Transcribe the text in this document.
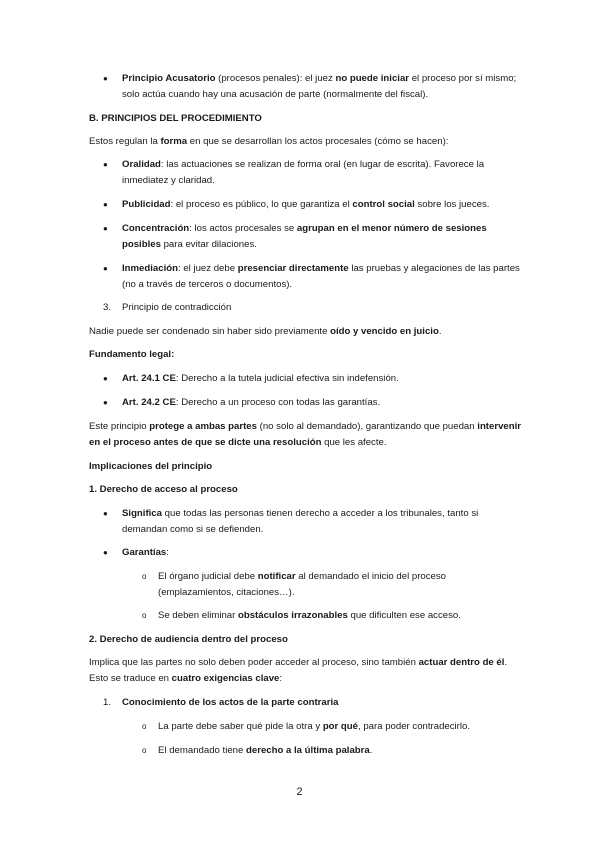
● Principio Acusatorio (procesos penales): el juez no puede iniciar el proceso por sí mismo; solo actúa cuando hay una acusación de parte (normalmente del fiscal).

B. PRINCIPIOS DEL PROCEDIMIENTO

Estos regulan la forma en que se desarrollan los actos procesales (cómo se hacen):

● Oralidad: las actuaciones se realizan de forma oral (en lugar de escrita). Favorece la inmediatez y claridad.

● Publicidad: el proceso es público, lo que garantiza el control social sobre los jueces.

● Concentración: los actos procesales se agrupan en el menor número de sesiones posibles para evitar dilaciones.

● Inmediación: el juez debe presenciar directamente las pruebas y alegaciones de las partes (no a través de terceros o documentos).

3. Principio de contradicción

Nadie puede ser condenado sin haber sido previamente oído y vencido en juicio.

Fundamento legal:

● Art. 24.1 CE: Derecho a la tutela judicial efectiva sin indefensión.

● Art. 24.2 CE: Derecho a un proceso con todas las garantías.

Este principio protege a ambas partes (no solo al demandado), garantizando que puedan intervenir en el proceso antes de que se dicte una resolución que les afecte.

Implicaciones del principio

1. Derecho de acceso al proceso

● Significa que todas las personas tienen derecho a acceder a los tribunales, tanto si demandan como si se defienden.

● Garantías:

o El órgano judicial debe notificar al demandado el inicio del proceso (emplazamientos, citaciones…).

o Se deben eliminar obstáculos irrazonables que dificulten ese acceso.

2. Derecho de audiencia dentro del proceso

Implica que las partes no solo deben poder acceder al proceso, sino también actuar dentro de él. Esto se traduce en cuatro exigencias clave:

1. Conocimiento de los actos de la parte contraria

o La parte debe saber qué pide la otra y por qué, para poder contradecirlo.

o El demandado tiene derecho a la última palabra.

2
